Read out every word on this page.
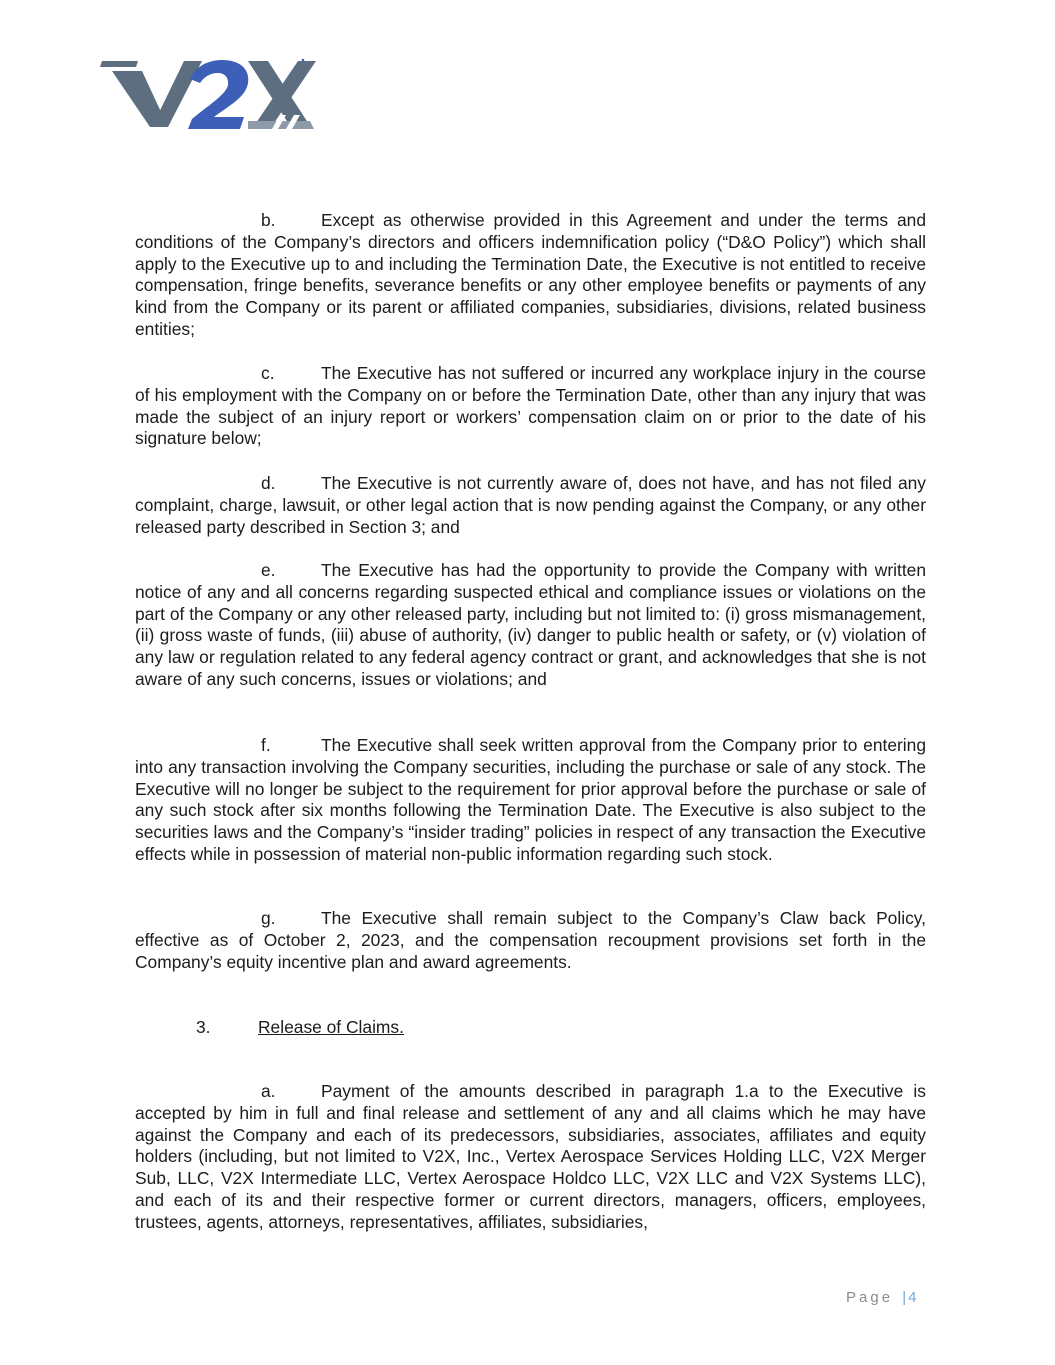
V2X

b.	Except as otherwise provided in this Agreement and under the terms and conditions of the Company’s directors and officers indemnification policy (“D&O Policy”) which shall apply to the Executive up to and including the Termination Date, the Executive is not entitled to receive compensation, fringe benefits, severance benefits or any other employee benefits or payments of any kind from the Company or its parent or affiliated companies, subsidiaries, divisions, related business entities;

c.	The Executive has not suffered or incurred any workplace injury in the course of his employment with the Company on or before the Termination Date, other than any injury that was made the subject of an injury report or workers’ compensation claim on or prior to the date of his signature below;

d.	The Executive is not currently aware of, does not have, and has not filed any complaint, charge, lawsuit, or other legal action that is now pending against the Company, or any other released party described in Section 3; and

e.	The Executive has had the opportunity to provide the Company with written notice of any and all concerns regarding suspected ethical and compliance issues or violations on the part of the Company or any other released party, including but not limited to: (i) gross mismanagement, (ii) gross waste of funds, (iii) abuse of authority, (iv) danger to public health or safety, or (v) violation of any law or regulation related to any federal agency contract or grant, and acknowledges that she is not aware of any such concerns, issues or violations; and

f.	The Executive shall seek written approval from the Company prior to entering into any transaction involving the Company securities, including the purchase or sale of any stock. The Executive will no longer be subject to the requirement for prior approval before the purchase or sale of any such stock after six months following the Termination Date. The Executive is also subject to the securities laws and the Company’s “insider trading” policies in respect of any transaction the Executive effects while in possession of material non-public information regarding such stock.

g.	The Executive shall remain subject to the Company’s Claw back Policy, effective as of October 2, 2023, and the compensation recoupment provisions set forth in the Company’s equity incentive plan and award agreements.

3.	Release of Claims.

a.	Payment of the amounts described in paragraph 1.a to the Executive is accepted by him in full and final release and settlement of any and all claims which he may have against the Company and each of its predecessors, subsidiaries, associates, affiliates and equity holders (including, but not limited to V2X, Inc., Vertex Aerospace Services Holding LLC, V2X Merger Sub, LLC, V2X Intermediate LLC, Vertex Aerospace Holdco LLC, V2X LLC and V2X Systems LLC), and each of its and their respective former or current directors, managers, officers, employees, trustees, agents, attorneys, representatives, affiliates, subsidiaries,

Page | 4
